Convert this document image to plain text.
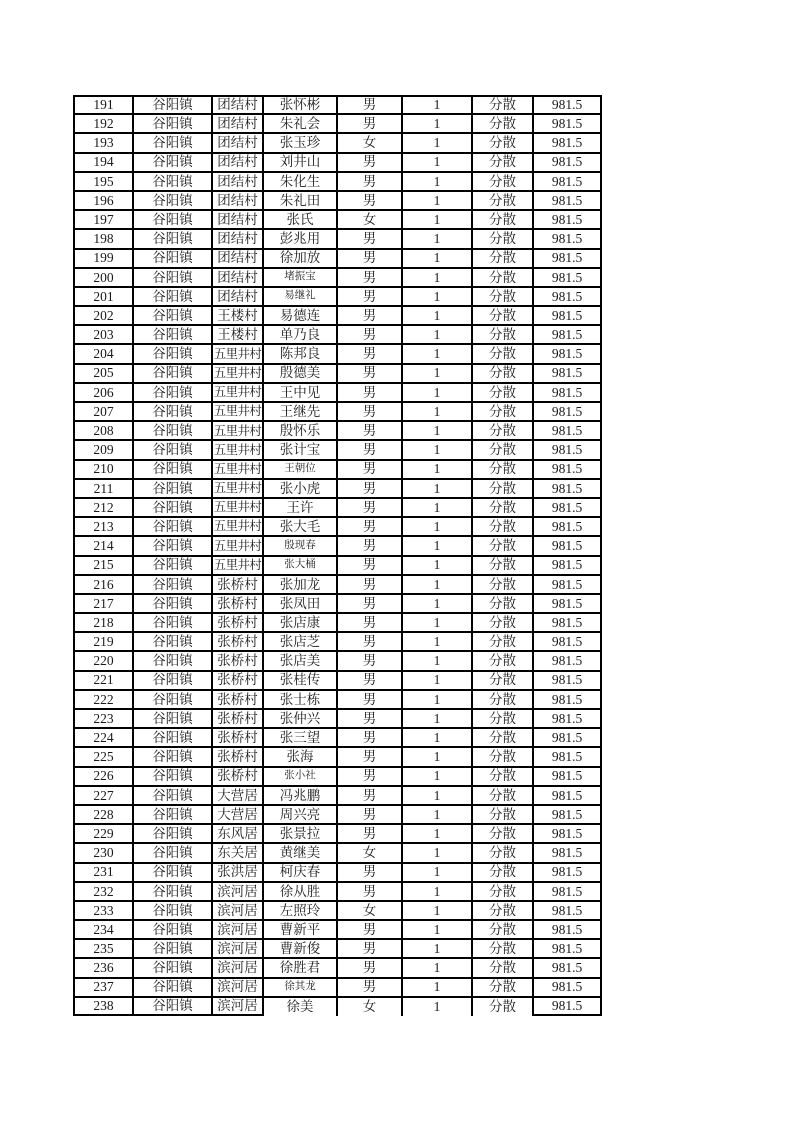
191	谷阳镇	团结村	张怀彬	男	1	分散	981.5
192	谷阳镇	团结村	朱礼会	男	1	分散	981.5
193	谷阳镇	团结村	张玉珍	女	1	分散	981.5
194	谷阳镇	团结村	刘井山	男	1	分散	981.5
195	谷阳镇	团结村	朱化生	男	1	分散	981.5
196	谷阳镇	团结村	朱礼田	男	1	分散	981.5
197	谷阳镇	团结村	张氏	女	1	分散	981.5
198	谷阳镇	团结村	彭兆用	男	1	分散	981.5
199	谷阳镇	团结村	徐加放	男	1	分散	981.5
200	谷阳镇	团结村	堵振宝	男	1	分散	981.5
201	谷阳镇	团结村	易继礼	男	1	分散	981.5
202	谷阳镇	王楼村	易德连	男	1	分散	981.5
203	谷阳镇	王楼村	单乃良	男	1	分散	981.5
204	谷阳镇	五里井村	陈邦良	男	1	分散	981.5
205	谷阳镇	五里井村	殷德美	男	1	分散	981.5
206	谷阳镇	五里井村	王中见	男	1	分散	981.5
207	谷阳镇	五里井村	王继先	男	1	分散	981.5
208	谷阳镇	五里井村	殷怀乐	男	1	分散	981.5
209	谷阳镇	五里井村	张计宝	男	1	分散	981.5
210	谷阳镇	五里井村	王朝位	男	1	分散	981.5
211	谷阳镇	五里井村	张小虎	男	1	分散	981.5
212	谷阳镇	五里井村	王许	男	1	分散	981.5
213	谷阳镇	五里井村	张大毛	男	1	分散	981.5
214	谷阳镇	五里井村	殷现春	男	1	分散	981.5
215	谷阳镇	五里井村	张大桶	男	1	分散	981.5
216	谷阳镇	张桥村	张加龙	男	1	分散	981.5
217	谷阳镇	张桥村	张凤田	男	1	分散	981.5
218	谷阳镇	张桥村	张店康	男	1	分散	981.5
219	谷阳镇	张桥村	张店芝	男	1	分散	981.5
220	谷阳镇	张桥村	张店美	男	1	分散	981.5
221	谷阳镇	张桥村	张桂传	男	1	分散	981.5
222	谷阳镇	张桥村	张士栋	男	1	分散	981.5
223	谷阳镇	张桥村	张仲兴	男	1	分散	981.5
224	谷阳镇	张桥村	张三望	男	1	分散	981.5
225	谷阳镇	张桥村	张海	男	1	分散	981.5
226	谷阳镇	张桥村	张小社	男	1	分散	981.5
227	谷阳镇	大营居	冯兆鹏	男	1	分散	981.5
228	谷阳镇	大营居	周兴亮	男	1	分散	981.5
229	谷阳镇	东风居	张景拉	男	1	分散	981.5
230	谷阳镇	东关居	黄继美	女	1	分散	981.5
231	谷阳镇	张洪居	柯庆春	男	1	分散	981.5
232	谷阳镇	滨河居	徐从胜	男	1	分散	981.5
233	谷阳镇	滨河居	左照玲	女	1	分散	981.5
234	谷阳镇	滨河居	曹新平	男	1	分散	981.5
235	谷阳镇	滨河居	曹新俊	男	1	分散	981.5
236	谷阳镇	滨河居	徐胜君	男	1	分散	981.5
237	谷阳镇	滨河居	徐其龙	男	1	分散	981.5
238	谷阳镇	滨河居	徐美	女	1	分散	981.5
